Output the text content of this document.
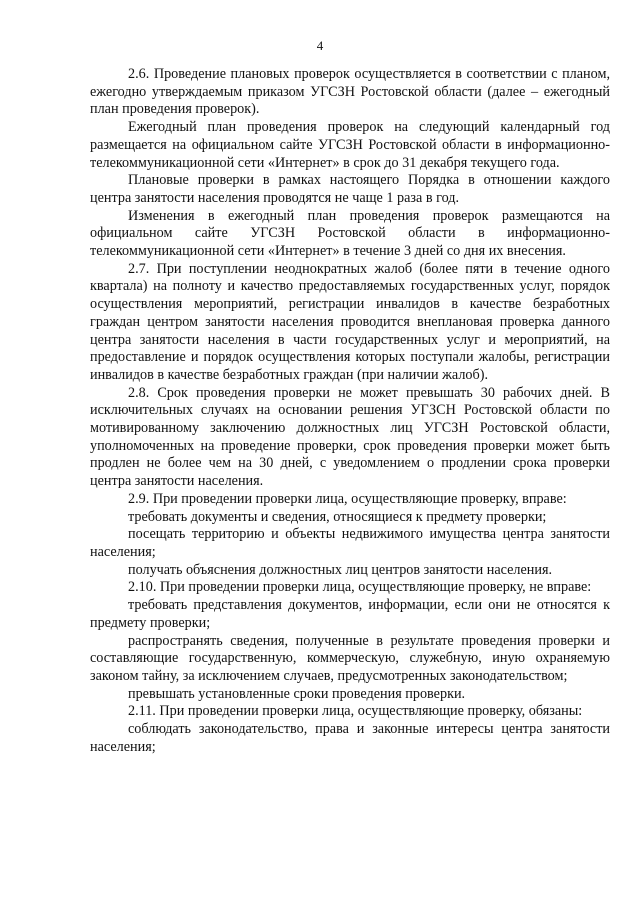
4

2.6. Проведение плановых проверок осуществляется в соответствии с планом, ежегодно утверждаемым приказом УГСЗН Ростовской области (далее – ежегодный план проведения проверок).

Ежегодный план проведения проверок на следующий календарный год размещается на официальном сайте УГСЗН Ростовской области в информационно-телекоммуникационной сети «Интернет» в срок до 31 декабря текущего года.

Плановые проверки в рамках настоящего Порядка в отношении каждого центра занятости населения проводятся не чаще 1 раза в год.

Изменения в ежегодный план проведения проверок размещаются на официальном сайте УГСЗН Ростовской области в информационно-телекоммуникационной сети «Интернет» в течение 3 дней со дня их внесения.

2.7. При поступлении неоднократных жалоб (более пяти в течение одного квартала) на полноту и качество предоставляемых государственных услуг, порядок осуществления мероприятий, регистрации инвалидов в качестве безработных граждан центром занятости населения проводится внеплановая проверка данного центра занятости населения в части государственных услуг и мероприятий, на предоставление и порядок осуществления которых поступали жалобы, регистрации инвалидов в качестве безработных граждан (при наличии жалоб).

2.8. Срок проведения проверки не может превышать 30 рабочих дней. В исключительных случаях на основании решения УГЗСН Ростовской области по мотивированному заключению должностных лиц УГСЗН Ростовской области, уполномоченных на проведение проверки, срок проведения проверки может быть продлен не более чем на 30 дней, с уведомлением о продлении срока проверки центра занятости населения.

2.9. При проведении проверки лица, осуществляющие проверку, вправе:

требовать документы и сведения, относящиеся к предмету проверки;

посещать территорию и объекты недвижимого имущества центра занятости населения;

получать объяснения должностных лиц центров занятости населения.

2.10. При проведении проверки лица, осуществляющие проверку, не вправе:

требовать представления документов, информации, если они не относятся к предмету проверки;

распространять сведения, полученные в результате проведения проверки и составляющие государственную, коммерческую, служебную, иную охраняемую законом тайну, за исключением случаев, предусмотренных законодательством;

превышать установленные сроки проведения проверки.

2.11. При проведении проверки лица, осуществляющие проверку, обязаны:

соблюдать законодательство, права и законные интересы центра занятости населения;
